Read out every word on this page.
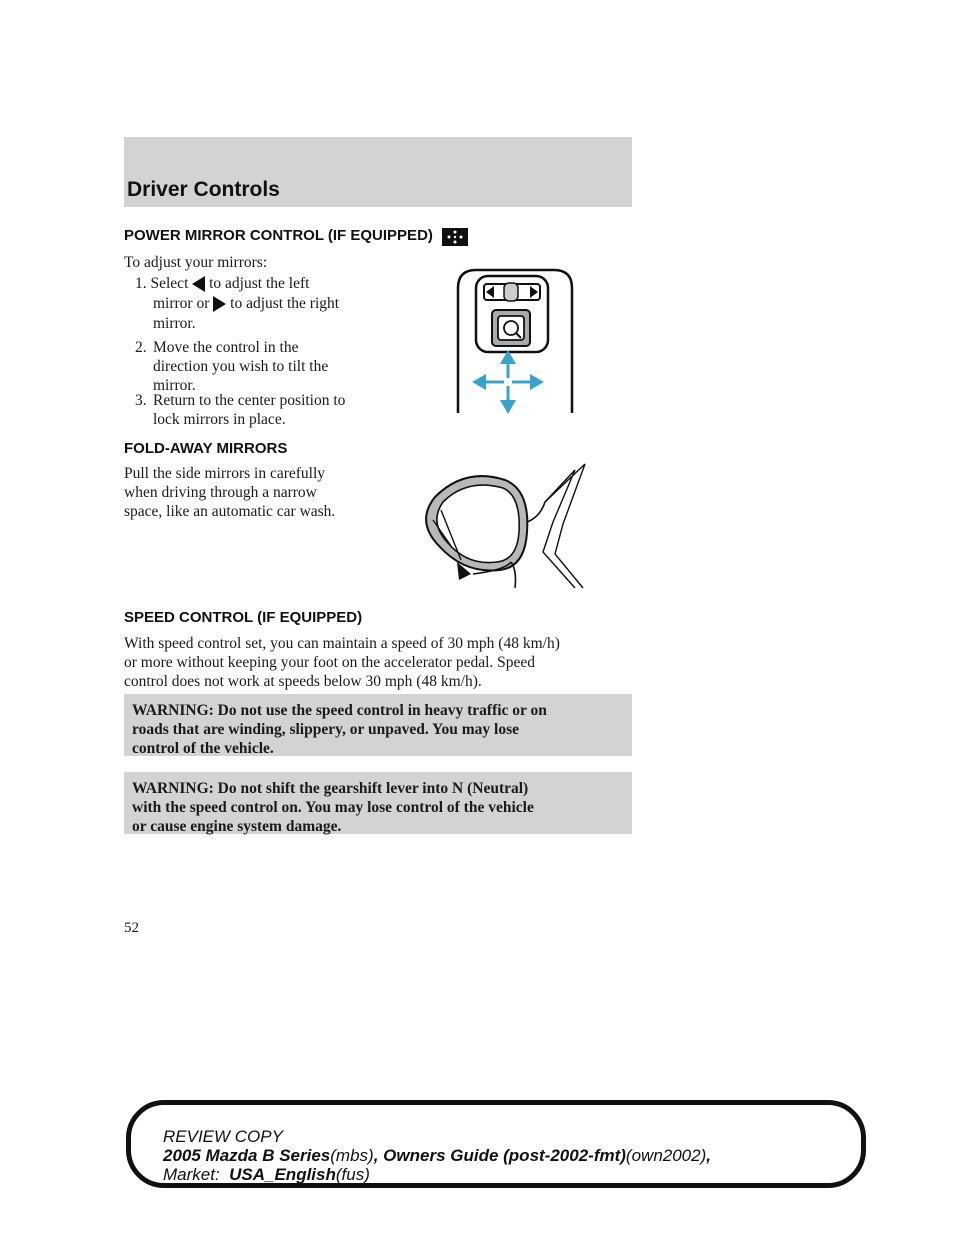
Driver Controls
POWER MIRROR CONTROL (IF EQUIPPED)
To adjust your mirrors:
1. Select to adjust the left
mirror or to adjust the right
mirror.
2. Move the control in the
direction you wish to tilt the
mirror.
3. Return to the center position to
lock mirrors in place.
FOLD-AWAY MIRRORS
Pull the side mirrors in carefully
when driving through a narrow
space, like an automatic car wash.
SPEED CONTROL (IF EQUIPPED)
With speed control set, you can maintain a speed of 30 mph (48 km/h)
or more without keeping your foot on the accelerator pedal. Speed
control does not work at speeds below 30 mph (48 km/h).
WARNING: Do not use the speed control in heavy traffic or on
roads that are winding, slippery, or unpaved. You may lose
control of the vehicle.
WARNING: Do not shift the gearshift lever into N (Neutral)
with the speed control on. You may lose control of the vehicle
or cause engine system damage.
52
REVIEW COPY
2005 Mazda B Series(mbs), Owners Guide (post-2002-fmt)(own2002),
Market:  USA_English(fus)
